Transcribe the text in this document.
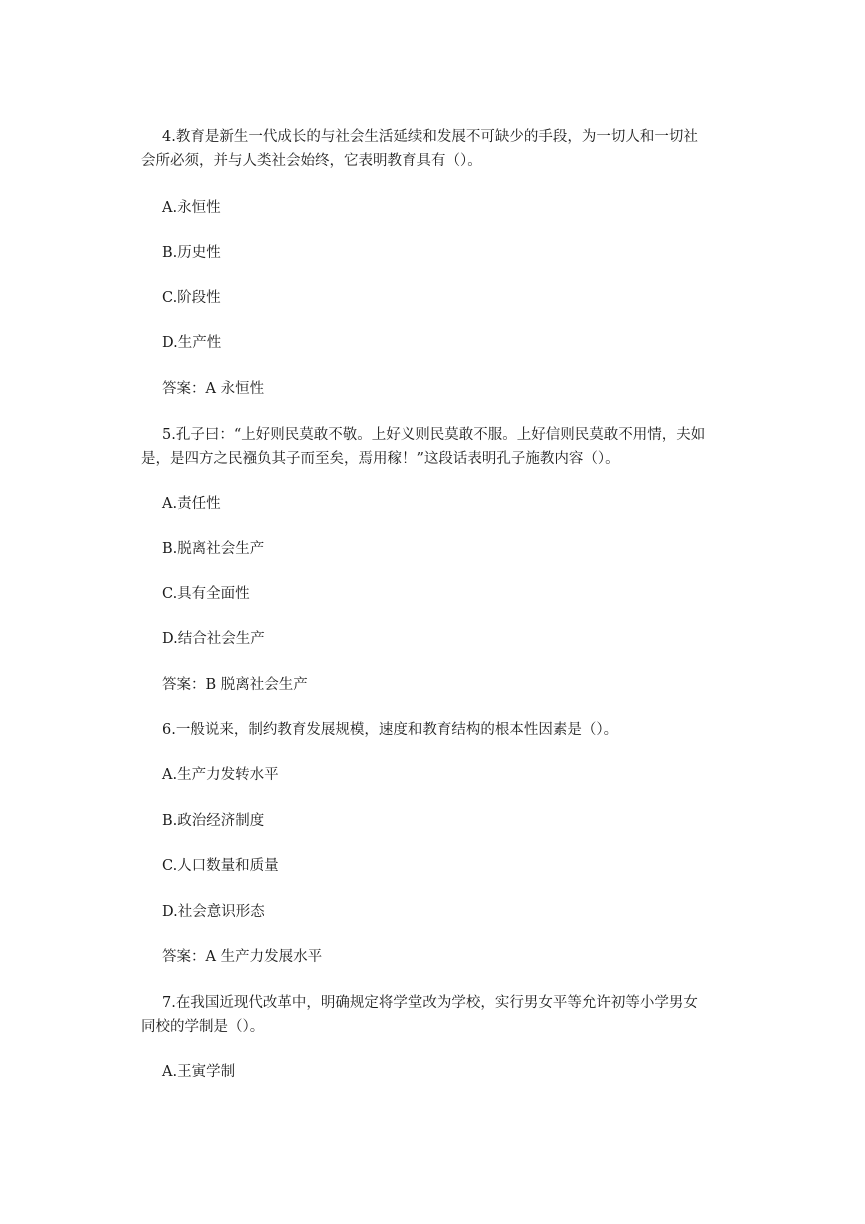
4.教育是新生一代成长的与社会生活延续和发展不可缺少的手段，为一切人和一切社
会所必须，并与人类社会始终，它表明教育具有（）。
A.永恒性
B.历史性
C.阶段性
D.生产性
答案：A 永恒性
5.孔子曰：“上好则民莫敢不敬。上好义则民莫敢不服。上好信则民莫敢不用情，夫如
是，是四方之民襁负其子而至矣，焉用稼！”这段话表明孔子施教内容（）。
A.责任性
B.脱离社会生产
C.具有全面性
D.结合社会生产
答案：B 脱离社会生产
6.一般说来，制约教育发展规模，速度和教育结构的根本性因素是（）。
A.生产力发转水平
B.政治经济制度
C.人口数量和质量
D.社会意识形态
答案：A 生产力发展水平
7.在我国近现代改革中，明确规定将学堂改为学校，实行男女平等允许初等小学男女
同校的学制是（）。
A.王寅学制
